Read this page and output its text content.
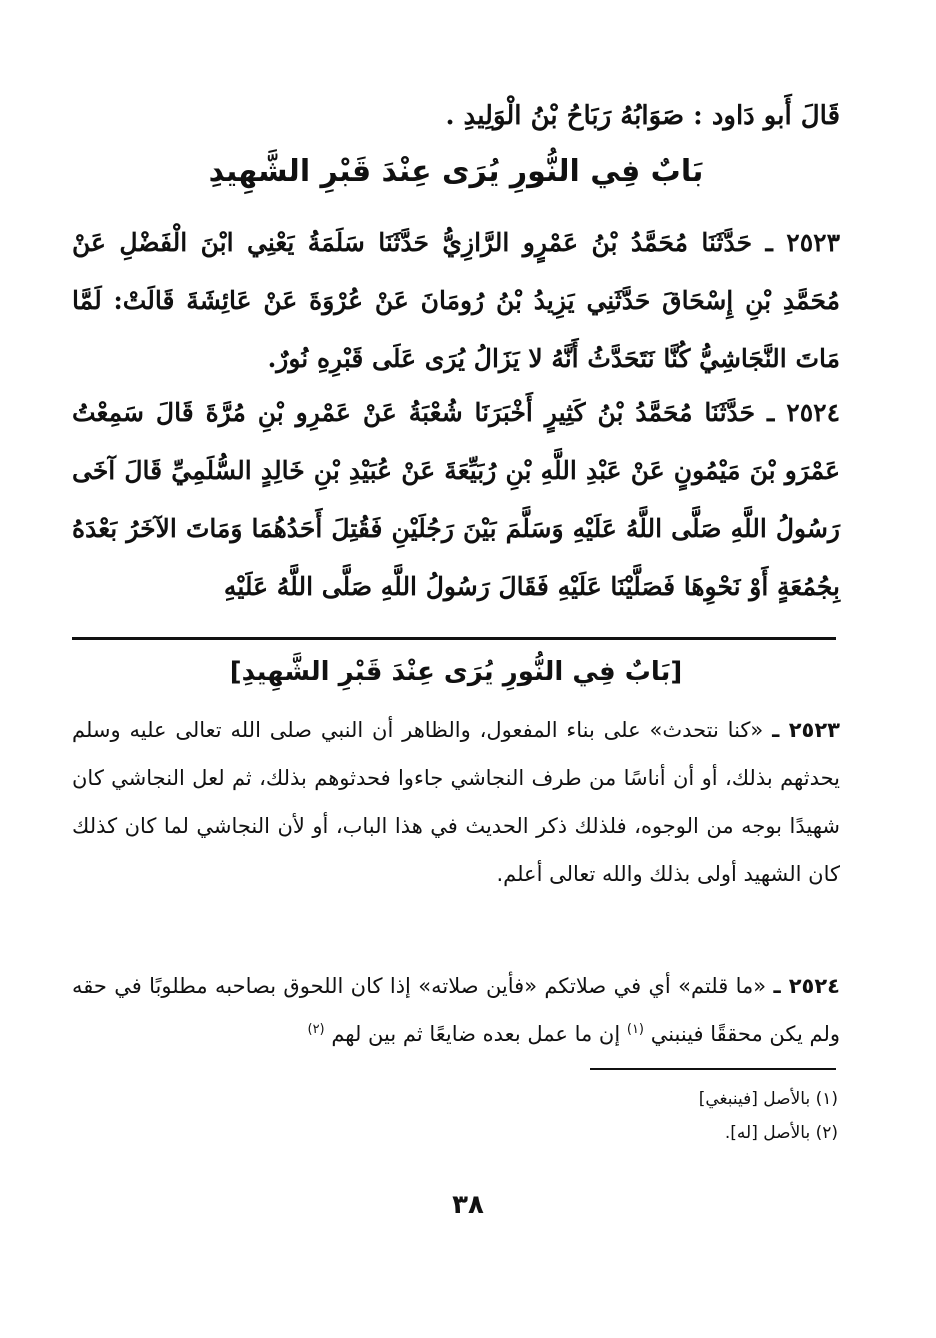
قَالَ أَبو دَاود : صَوَابُهُ رَبَاحُ بْنُ الْوَلِيدِ .
بَابٌ فِي النُّورِ يُرَى عِنْدَ قَبْرِ الشَّهِيدِ
٢٥٢٣ ـ حَدَّثَنَا مُحَمَّدُ بْنُ عَمْرٍو الرَّازِيُّ حَدَّثَنَا سَلَمَةُ يَعْنِي ابْنَ الْفَضْلِ عَنْ مُحَمَّدِ بْنِ إِسْحَاقَ حَدَّثَنِي يَزِيدُ بْنُ رُومَانَ عَنْ عُرْوَةَ عَنْ عَائِشَةَ قَالَتْ: لَمَّا مَاتَ النَّجَاشِيُّ كُنَّا نَتَحَدَّثُ أَنَّهُ لا يَزَالُ يُرَى عَلَى قَبْرِهِ نُورٌ.
٢٥٢٤ ـ حَدَّثَنَا مُحَمَّدُ بْنُ كَثِيرٍ أَخْبَرَنَا شُعْبَةُ عَنْ عَمْرِو بْنِ مُرَّةَ قَالَ سَمِعْتُ عَمْرَو بْنَ مَيْمُونٍ عَنْ عَبْدِ اللَّهِ بْنِ رُبَيِّعَةَ عَنْ عُبَيْدِ بْنِ خَالِدٍ السُّلَمِيِّ قَالَ آخَى رَسُولُ اللَّهِ صَلَّى اللَّهُ عَلَيْهِ وَسَلَّمَ بَيْنَ رَجُلَيْنِ فَقُتِلَ أَحَدُهُمَا وَمَاتَ الآخَرُ بَعْدَهُ بِجُمُعَةٍ أَوْ نَحْوِهَا فَصَلَّيْنَا عَلَيْهِ فَقَالَ رَسُولُ اللَّهِ صَلَّى اللَّهُ عَلَيْهِ
[بَابٌ فِي النُّورِ يُرَى عِنْدَ قَبْرِ الشَّهِيدِ]
٢٥٢٣ ـ «كنا نتحدث» على بناء المفعول، والظاهر أن النبي صلى الله تعالى عليه وسلم يحدثهم بذلك، أو أن أناسًا من طرف النجاشي جاءوا فحدثوهم بذلك، ثم لعل النجاشي كان شهيدًا بوجه من الوجوه، فلذلك ذكر الحديث في هذا الباب، أو لأن النجاشي لما كان كذلك كان الشهيد أولى بذلك والله تعالى أعلم.
٢٥٢٤ ـ «ما قلتم» أي في صلاتكم «فأين صلاته» إذا كان اللحوق بصاحبه مطلوبًا في حقه ولم يكن محققًا فينبني $^{(١)}$ إن ما عمل بعده ضايعًا ثم بين لهم $^{(٢)}$
(١) بالأصل [فينبغي]
(٢) بالأصل [له].
٣٨
